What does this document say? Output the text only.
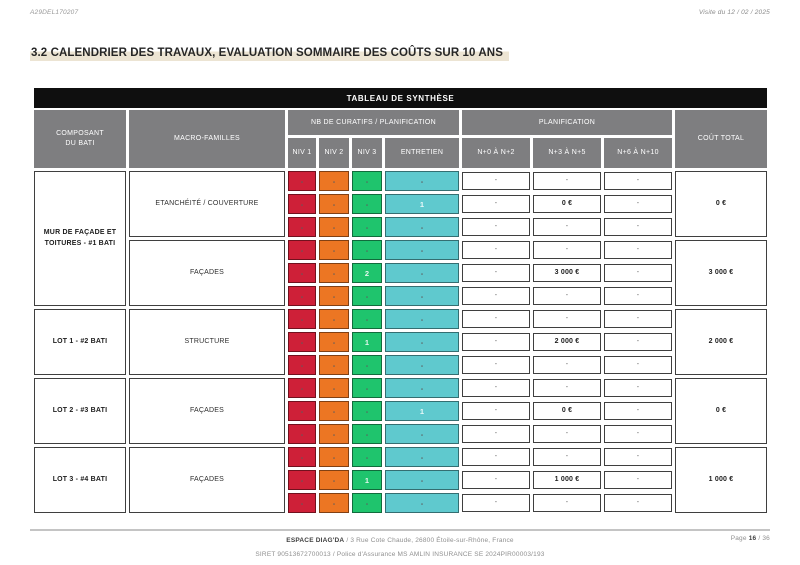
A29DEL170207	Visite du 12 / 02 / 2025
3.2 CALENDRIER DES TRAVAUX, EVALUATION SOMMAIRE DES COÛTS SUR 10 ANS
TABLEAU DE SYNTHÈSE
COMPOSANT DU BATI
MACRO-FAMILLES
NB DE CURATIFS / PLANIFICATION	PLANIFICATION
COÛT TOTAL
NIV 1	NIV 2	NIV 3	ENTRETIEN	N+0 À N+2	N+3 À N+5	N+6 À N+10
MUR DE FAÇADE ET TOITURES - #1 BATI
ETANCHÉITÉ / COUVERTURE
-	-	-	-	-	-	-
-	-	-	1	-	0 €	-
-	-	-	-	-	-	-
0 €
FAÇADES
-	-	-	-	-	-	-
-	-	2	-	-	3 000 €	-
-	-	-	-	-	-	-
3 000 €
LOT 1 - #2 BATI	STRUCTURE
-	-	-	-	-	-	-
-	-	1	-	-	2 000 €	-
-	-	-	-	-	-	-
2 000 €
LOT 2 - #3 BATI	FAÇADES
-	-	-	-	-	-	-
-	-	-	1	-	0 €	-
-	-	-	-	-	-	-
0 €
LOT 3 - #4 BATI	FAÇADES
-	-	-	-	-	-	-
-	-	1	-	-	1 000 €	-
-	-	-	-	-	-	-
1 000 €
ESPACE DIAG'DA / 3 Rue Cote Chaude, 26800 Étoile-sur-Rhône, France
SIRET 90513672700013 / Police d'Assurance MS AMLIN INSURANCE SE 2024PIR00003/193
Page 16 / 36
